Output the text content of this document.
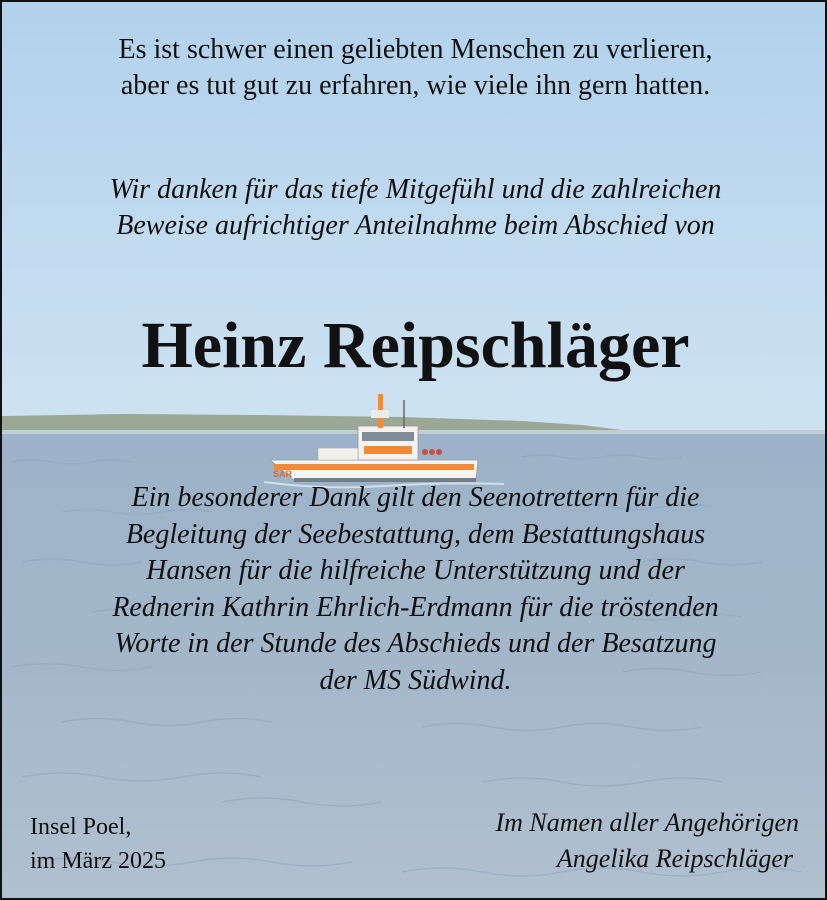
SAR
Es ist schwer einen geliebten Menschen zu verlieren,
aber es tut gut zu erfahren, wie viele ihn gern hatten.
Wir danken für das tiefe Mitgefühl und die zahlreichen
Beweise aufrichtiger Anteilnahme beim Abschied von
Heinz Reipschläger
Ein besonderer Dank gilt den Seenotrettern für die
Begleitung der Seebestattung, dem Bestattungshaus
Hansen für die hilfreiche Unterstützung und der
Rednerin Kathrin Ehrlich-Erdmann für die tröstenden
Worte in der Stunde des Abschieds und der Besatzung
der MS Südwind.
Insel Poel,
im März 2025
Im Namen aller Angehörigen
Angelika Reipschläger
